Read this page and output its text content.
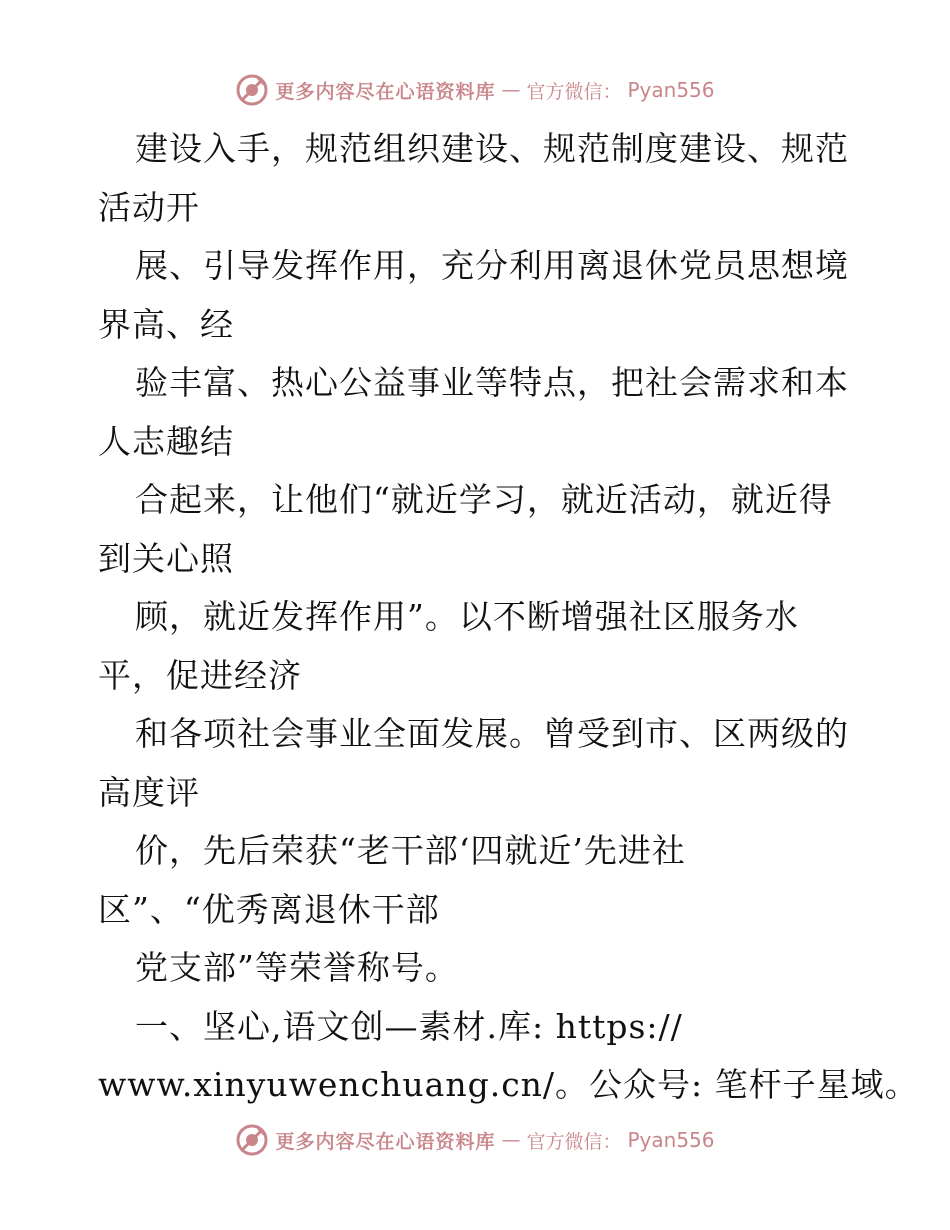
更多内容尽在心语资料库 — 官方微信： Pyan556
建设入手，规范组织建设、规范制度建设、规范
活动开
展、引导发挥作用，充分利用离退休党员思想境
界高、经
验丰富、热心公益事业等特点，把社会需求和本
人志趣结
合起来，让他们“就近学习，就近活动，就近得
到关心照
顾，就近发挥作用”。以不断增强社区服务水
平，促进经济
和各项社会事业全面发展。曾受到市、区两级的
高度评
价，先后荣获“老干部‘四就近’先进社
区”、“优秀离退休干部
党支部”等荣誉称号。
一、坚心,语文创—素材.库: https://
www.xinyuwenchuang.cn/。公众号: 笔杆子星域。
更多内容尽在心语资料库 — 官方微信： Pyan556
